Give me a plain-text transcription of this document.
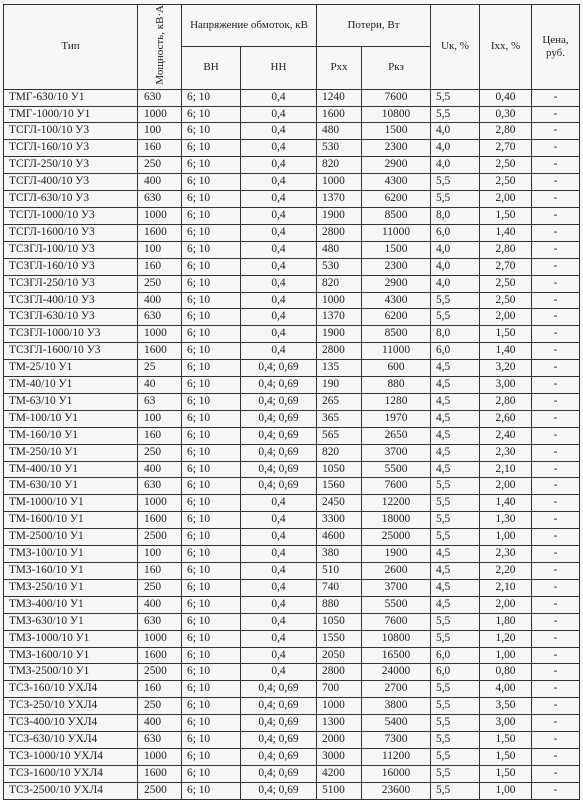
Тип	Мощность, кВ·А	Напряжение обмоток, кВ		Потери, Вт		Uк, %	Iхх, %	Цена, руб.
		ВН	НН	Рхх	Ркз			
ТМГ-630/10 У1	630	6; 10	0,4	1240	7600	5,5	0,40	-
ТМГ-1000/10 У1	1000	6; 10	0,4	1600	10800	5,5	0,30	-
ТСГЛ-100/10 У3	100	6; 10	0,4	480	1500	4,0	2,80	-
ТСГЛ-160/10 У3	160	6; 10	0,4	530	2300	4,0	2,70	-
ТСГЛ-250/10 У3	250	6; 10	0,4	820	2900	4,0	2,50	-
ТСГЛ-400/10 У3	400	6; 10	0,4	1000	4300	5,5	2,50	-
ТСГЛ-630/10 У3	630	6; 10	0,4	1370	6200	5,5	2,00	-
ТСГЛ-1000/10 У3	1000	6; 10	0,4	1900	8500	8,0	1,50	-
ТСГЛ-1600/10 У3	1600	6; 10	0,4	2800	11000	6,0	1,40	-
ТСЗГЛ-100/10 У3	100	6; 10	0,4	480	1500	4,0	2,80	-
ТСЗГЛ-160/10 У3	160	6; 10	0,4	530	2300	4,0	2,70	-
ТСЗГЛ-250/10 У3	250	6; 10	0,4	820	2900	4,0	2,50	-
ТСЗГЛ-400/10 У3	400	6; 10	0,4	1000	4300	5,5	2,50	-
ТСЗГЛ-630/10 У3	630	6; 10	0,4	1370	6200	5,5	2,00	-
ТСЗГЛ-1000/10 У3	1000	6; 10	0,4	1900	8500	8,0	1,50	-
ТСЗГЛ-1600/10 У3	1600	6; 10	0,4	2800	11000	6,0	1,40	-
ТМ-25/10 У1	25	6; 10	0,4; 0,69	135	600	4,5	3,20	-
ТМ-40/10 У1	40	6; 10	0,4; 0,69	190	880	4,5	3,00	-
ТМ-63/10 У1	63	6; 10	0,4; 0,69	265	1280	4,5	2,80	-
ТМ-100/10 У1	100	6; 10	0,4; 0,69	365	1970	4,5	2,60	-
ТМ-160/10 У1	160	6; 10	0,4; 0,69	565	2650	4,5	2,40	-
ТМ-250/10 У1	250	6; 10	0,4; 0,69	820	3700	4,5	2,30	-
ТМ-400/10 У1	400	6; 10	0,4; 0,69	1050	5500	4,5	2,10	-
ТМ-630/10 У1	630	6; 10	0,4; 0,69	1560	7600	5,5	2,00	-
ТМ-1000/10 У1	1000	6; 10	0,4	2450	12200	5,5	1,40	-
ТМ-1600/10 У1	1600	6; 10	0,4	3300	18000	5,5	1,30	-
ТМ-2500/10 У1	2500	6; 10	0,4	4600	25000	5,5	1,00	-
ТМЗ-100/10 У1	100	6; 10	0,4	380	1900	4,5	2,30	-
ТМЗ-160/10 У1	160	6; 10	0,4	510	2600	4,5	2,20	-
ТМЗ-250/10 У1	250	6; 10	0,4	740	3700	4,5	2,10	-
ТМЗ-400/10 У1	400	6; 10	0,4	880	5500	4,5	2,00	-
ТМЗ-630/10 У1	630	6; 10	0,4	1050	7600	5,5	1,80	-
ТМЗ-1000/10 У1	1000	6; 10	0,4	1550	10800	5,5	1,20	-
ТМЗ-1600/10 У1	1600	6; 10	0,4	2050	16500	6,0	1,00	-
ТМЗ-2500/10 У1	2500	6; 10	0,4	2800	24000	6,0	0,80	-
ТСЗ-160/10 УХЛ4	160	6; 10	0,4; 0,69	700	2700	5,5	4,00	-
ТСЗ-250/10 УХЛ4	250	6; 10	0,4; 0,69	1000	3800	5,5	3,50	-
ТСЗ-400/10 УХЛ4	400	6; 10	0,4; 0,69	1300	5400	5,5	3,00	-
ТСЗ-630/10 УХЛ4	630	6; 10	0,4; 0,69	2000	7300	5,5	1,50	-
ТСЗ-1000/10 УХЛ4	1000	6; 10	0,4; 0,69	3000	11200	5,5	1,50	-
ТСЗ-1600/10 УХЛ4	1600	6; 10	0,4; 0,69	4200	16000	5,5	1,50	-
ТСЗ-2500/10 УХЛ4	2500	6; 10	0,4; 0,69	5100	23600	5,5	1,00	-
